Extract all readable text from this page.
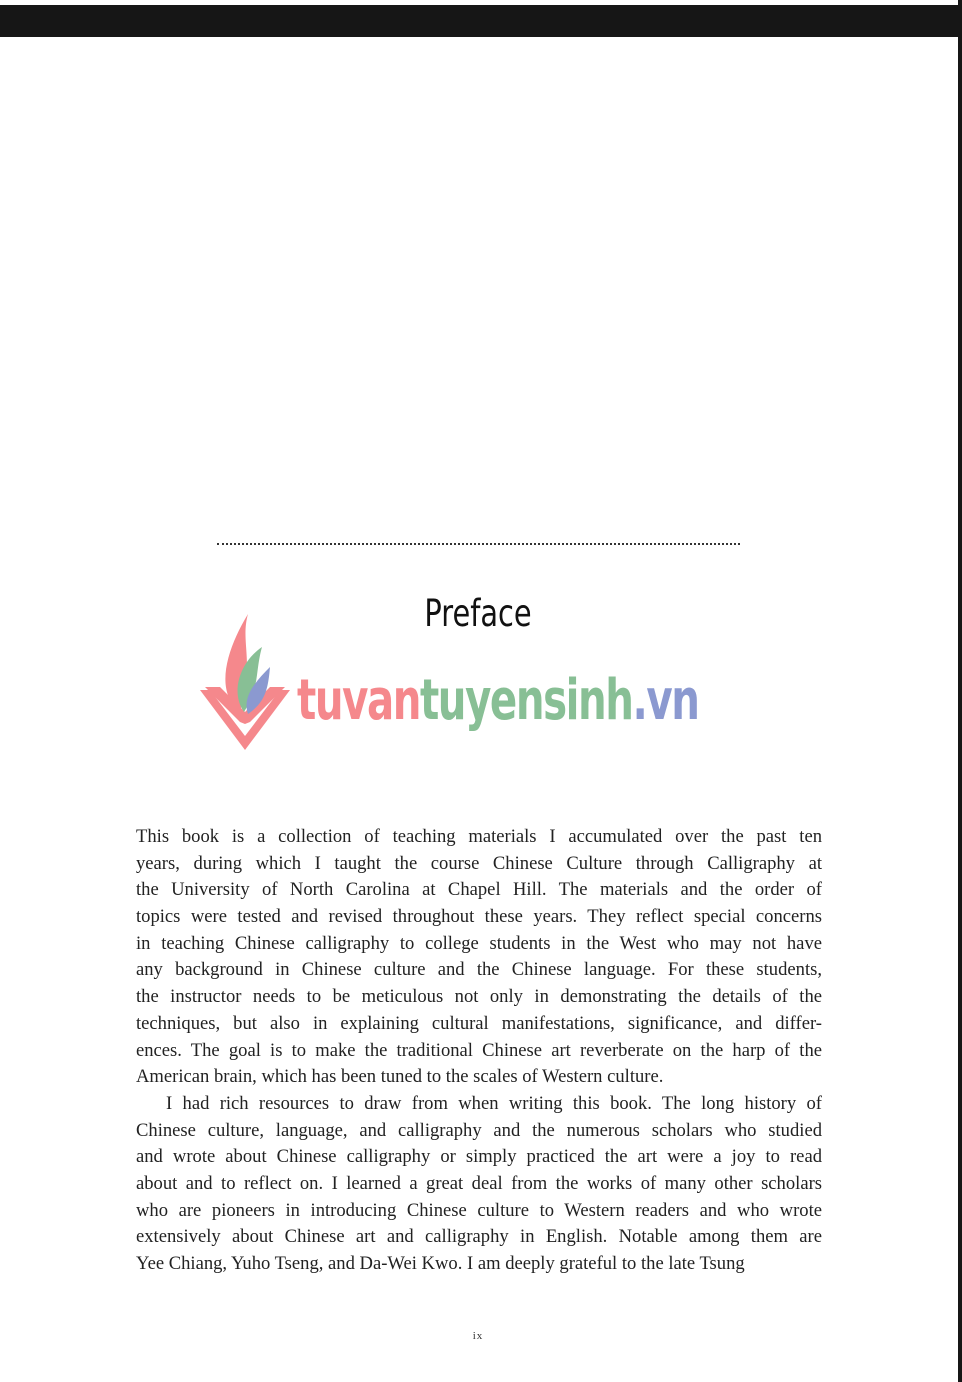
Preface
tuvantuyensinh.vn
This book is a collection of teaching materials I accumulated over the past ten
years, during which I taught the course Chinese Culture through Calligraphy at
the University of North Carolina at Chapel Hill. The materials and the order of
topics were tested and revised throughout these years. They reflect special concerns
in teaching Chinese calligraphy to college students in the West who may not have
any background in Chinese culture and the Chinese language. For these students,
the instructor needs to be meticulous not only in demonstrating the details of the
techniques, but also in explaining cultural manifestations, significance, and differ-
ences. The goal is to make the traditional Chinese art reverberate on the harp of the
American brain, which has been tuned to the scales of Western culture.
I had rich resources to draw from when writing this book. The long history of
Chinese culture, language, and calligraphy and the numerous scholars who studied
and wrote about Chinese calligraphy or simply practiced the art were a joy to read
about and to reflect on. I learned a great deal from the works of many other scholars
who are pioneers in introducing Chinese culture to Western readers and who wrote
extensively about Chinese art and calligraphy in English. Notable among them are
Yee Chiang, Yuho Tseng, and Da-Wei Kwo. I am deeply grateful to the late Tsung
ix
